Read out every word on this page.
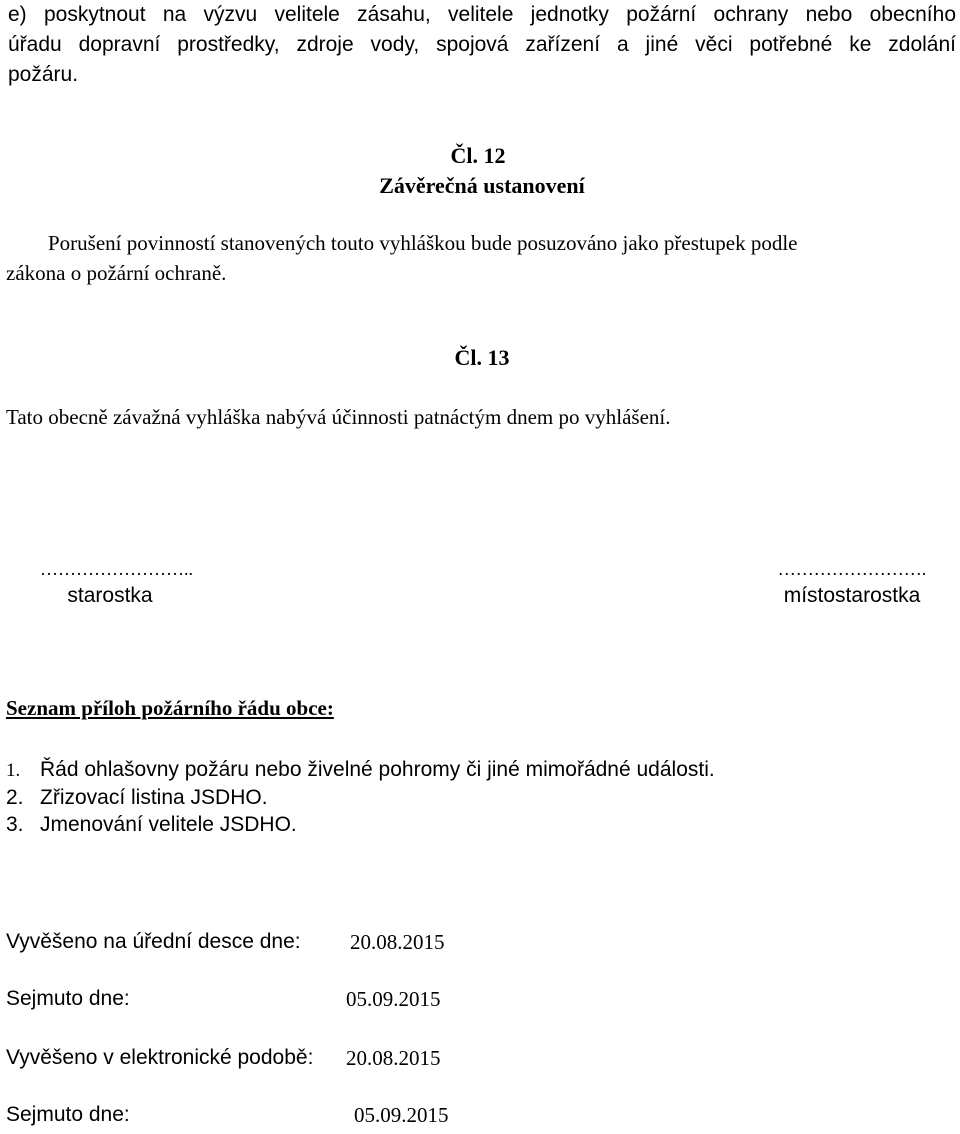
e) poskytnout na výzvu velitele zásahu, velitele jednotky požární ochrany nebo obecního
úřadu dopravní prostředky, zdroje vody, spojová zařízení a jiné věci potřebné ke zdolání
požáru.
Čl. 12
Závěrečná ustanovení
Porušení povinností stanovených touto vyhláškou bude posuzováno jako přestupek podle
zákona o požární ochraně.
Čl. 13
Tato obecně závažná vyhláška nabývá účinnosti patnáctým dnem po vyhlášení.
……………………..
starostka
…………………….
místostarostka
Seznam příloh požárního řádu obce:
1. Řád ohlašovny požáru nebo živelné pohromy či jiné mimořádné události.
2. Zřizovací listina JSDHO.
3. Jmenování velitele JSDHO.
Vyvěšeno na úřední desce dne: 20.08.2015
Sejmuto dne:	05.09.2015
Vyvěšeno v elektronické podobě: 20.08.2015
Sejmuto dne:	05.09.2015
